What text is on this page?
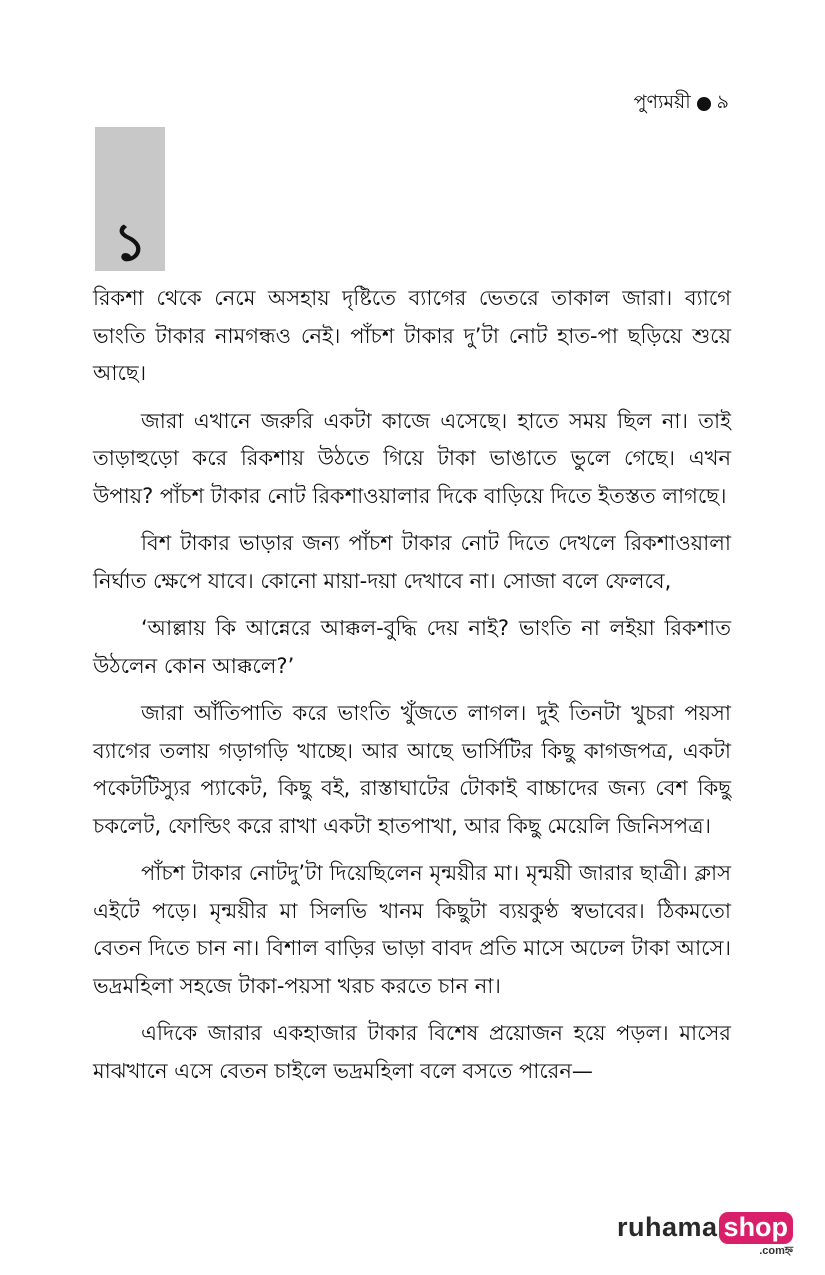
পুণ্যময়ী ৯
১

রিকশা থেকে নেমে অসহায় দৃষ্টিতে ব্যাগের ভেতরে তাকাল জারা। ব্যাগে ভাংতি টাকার নামগন্ধও নেই। পাঁচশ টাকার দু’টা নোট হাত-পা ছড়িয়ে শুয়ে আছে।

জারা এখানে জরুরি একটা কাজে এসেছে। হাতে সময় ছিল না। তাই তাড়াহুড়ো করে রিকশায় উঠতে গিয়ে টাকা ভাঙাতে ভুলে গেছে। এখন উপায়? পাঁচশ টাকার নোট রিকশাওয়ালার দিকে বাড়িয়ে দিতে ইতস্তত লাগছে।

বিশ টাকার ভাড়ার জন্য পাঁচশ টাকার নোট দিতে দেখলে রিকশাওয়ালা নির্ঘাত ক্ষেপে যাবে। কোনো মায়া-দয়া দেখাবে না। সোজা বলে ফেলবে,

‘আল্লায় কি আন্নেরে আক্কল-বুদ্ধি দেয় নাই? ভাংতি না লইয়া রিকশাত উঠলেন কোন আক্কলে?’

জারা আঁতিপাতি করে ভাংতি খুঁজতে লাগল। দুই তিনটা খুচরা পয়সা ব্যাগের তলায় গড়াগড়ি খাচ্ছে। আর আছে ভার্সিটির কিছু কাগজপত্র, একটা পকেটটিস্যুর প্যাকেট, কিছু বই, রাস্তাঘাটের টোকাই বাচ্চাদের জন্য বেশ কিছু চকলেট, ফোল্ডিং করে রাখা একটা হাতপাখা, আর কিছু মেয়েলি জিনিসপত্র।

পাঁচশ টাকার নোটদু’টা দিয়েছিলেন মৃন্ময়ীর মা। মৃন্ময়ী জারার ছাত্রী। ক্লাস এইটে পড়ে। মৃন্ময়ীর মা সিলভি খানম কিছুটা ব্যয়কুণ্ঠ স্বভাবের। ঠিকমতো বেতন দিতে চান না। বিশাল বাড়ির ভাড়া বাবদ প্রতি মাসে অঢেল টাকা আসে। ভদ্রমহিলা সহজে টাকা-পয়সা খরচ করতে চান না।

এদিকে জারার একহাজার টাকার বিশেষ প্রয়োজন হয়ে পড়ল। মাসের মাঝখানে এসে বেতন চাইলে ভদ্রমহিলা বলে বসতে পারেন—

ruhama shop
.comহ্ন
